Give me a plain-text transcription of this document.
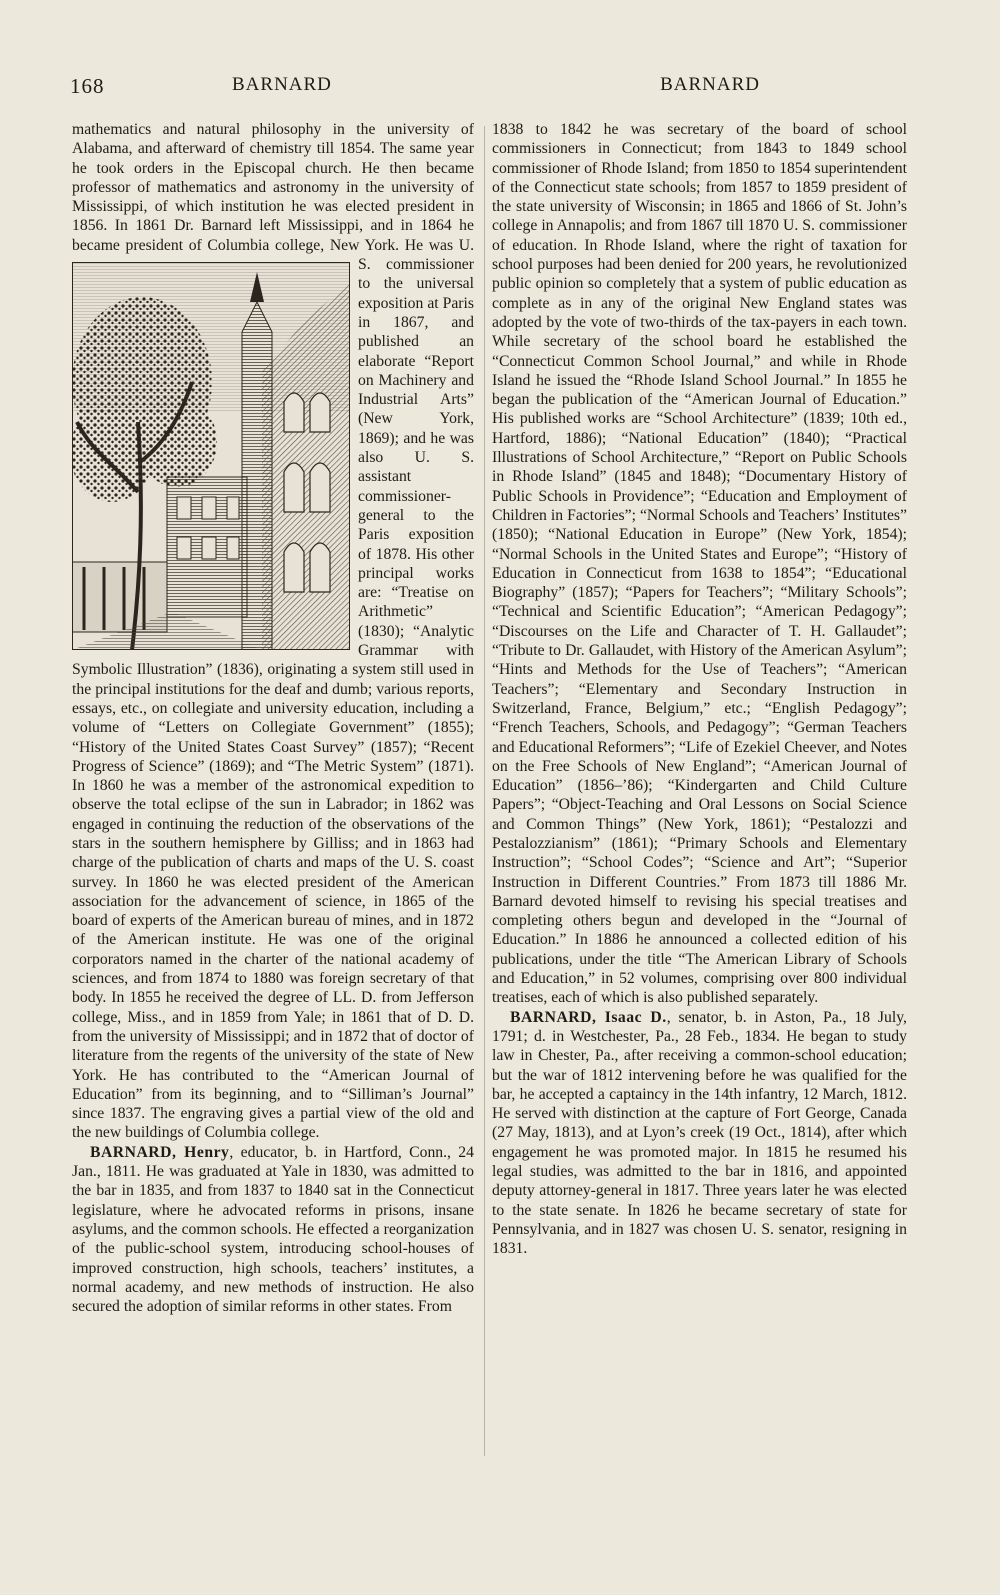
168	BARNARD	BARNARD

mathematics and natural philosophy in the university of Alabama, and afterward of chemistry till 1854. The same year he took orders in the Episcopal church. He then became professor of mathematics and astronomy in the university of Mississippi, of which institution he was elected president in 1856. In 1861 Dr. Barnard left Mississippi, and in 1864 he became president of Columbia college, New York. He was U. S. commissioner to the universal exposition at Paris in 1867, and published an elaborate “Report on Machinery and Industrial Arts” (New York, 1869); and he was also U. S. assistant commissioner-general to the Paris exposition of 1878. His other principal works are: “Treatise on Arithmetic” (1830); “Analytic Grammar with Symbolic Illustration” (1836), originating a system still used in the principal institutions for the deaf and dumb; various reports, essays, etc., on collegiate and university education, including a volume of “Letters on Collegiate Government” (1855); “History of the United States Coast Survey” (1857); “Recent Progress of Science” (1869); and “The Metric System” (1871). In 1860 he was a member of the astronomical expedition to observe the total eclipse of the sun in Labrador; in 1862 was engaged in continuing the reduction of the observations of the stars in the southern hemisphere by Gilliss; and in 1863 had charge of the publication of charts and maps of the U. S. coast survey. In 1860 he was elected president of the American association for the advancement of science, in 1865 of the board of experts of the American bureau of mines, and in 1872 of the American institute. He was one of the original corporators named in the charter of the national academy of sciences, and from 1874 to 1880 was foreign secretary of that body. In 1855 he received the degree of LL. D. from Jefferson college, Miss., and in 1859 from Yale; in 1861 that of D. D. from the university of Mississippi; and in 1872 that of doctor of literature from the regents of the university of the state of New York. He has contributed to the “American Journal of Education” from its beginning, and to “Silliman’s Journal” since 1837. The engraving gives a partial view of the old and the new buildings of Columbia college.

BARNARD, Henry, educator, b. in Hartford, Conn., 24 Jan., 1811. He was graduated at Yale in 1830, was admitted to the bar in 1835, and from 1837 to 1840 sat in the Connecticut legislature, where he advocated reforms in prisons, insane asylums, and the common schools. He effected a reorganization of the public-school system, introducing school-houses of improved construction, high schools, teachers’ institutes, a normal academy, and new methods of instruction. He also secured the adoption of similar reforms in other states. From

1838 to 1842 he was secretary of the board of school commissioners in Connecticut; from 1843 to 1849 school commissioner of Rhode Island; from 1850 to 1854 superintendent of the Connecticut state schools; from 1857 to 1859 president of the state university of Wisconsin; in 1865 and 1866 of St. John’s college in Annapolis; and from 1867 till 1870 U. S. commissioner of education. In Rhode Island, where the right of taxation for school purposes had been denied for 200 years, he revolutionized public opinion so completely that a system of public education as complete as in any of the original New England states was adopted by the vote of two-thirds of the tax-payers in each town. While secretary of the school board he established the “Connecticut Common School Journal,” and while in Rhode Island he issued the “Rhode Island School Journal.” In 1855 he began the publication of the “American Journal of Education.” His published works are “School Architecture” (1839; 10th ed., Hartford, 1886); “National Education” (1840); “Practical Illustrations of School Architecture,” “Report on Public Schools in Rhode Island” (1845 and 1848); “Documentary History of Public Schools in Providence”; “Education and Employment of Children in Factories”; “Normal Schools and Teachers’ Institutes” (1850); “National Education in Europe” (New York, 1854); “Normal Schools in the United States and Europe”; “History of Education in Connecticut from 1638 to 1854”; “Educational Biography” (1857); “Papers for Teachers”; “Military Schools”; “Technical and Scientific Education”; “American Pedagogy”; “Discourses on the Life and Character of T. H. Gallaudet”; “Tribute to Dr. Gallaudet, with History of the American Asylum”; “Hints and Methods for the Use of Teachers”; “American Teachers”; “Elementary and Secondary Instruction in Switzerland, France, Belgium,” etc.; “English Pedagogy”; “French Teachers, Schools, and Pedagogy”; “German Teachers and Educational Reformers”; “Life of Ezekiel Cheever, and Notes on the Free Schools of New England”; “American Journal of Education” (1856–’86); “Kindergarten and Child Culture Papers”; “Object-Teaching and Oral Lessons on Social Science and Common Things” (New York, 1861); “Pestalozzi and Pestalozzianism” (1861); “Primary Schools and Elementary Instruction”; “School Codes”; “Science and Art”; “Superior Instruction in Different Countries.” From 1873 till 1886 Mr. Barnard devoted himself to revising his special treatises and completing others begun and developed in the “Journal of Education.” In 1886 he announced a collected edition of his publications, under the title “The American Library of Schools and Education,” in 52 volumes, comprising over 800 individual treatises, each of which is also published separately.

BARNARD, Isaac D., senator, b. in Aston, Pa., 18 July, 1791; d. in Westchester, Pa., 28 Feb., 1834. He began to study law in Chester, Pa., after receiving a common-school education; but the war of 1812 intervening before he was qualified for the bar, he accepted a captaincy in the 14th infantry, 12 March, 1812. He served with distinction at the capture of Fort George, Canada (27 May, 1813), and at Lyon’s creek (19 Oct., 1814), after which engagement he was promoted major. In 1815 he resumed his legal studies, was admitted to the bar in 1816, and appointed deputy attorney-general in 1817. Three years later he was elected to the state senate. In 1826 he became secretary of state for Pennsylvania, and in 1827 was chosen U. S. senator, resigning in 1831.
